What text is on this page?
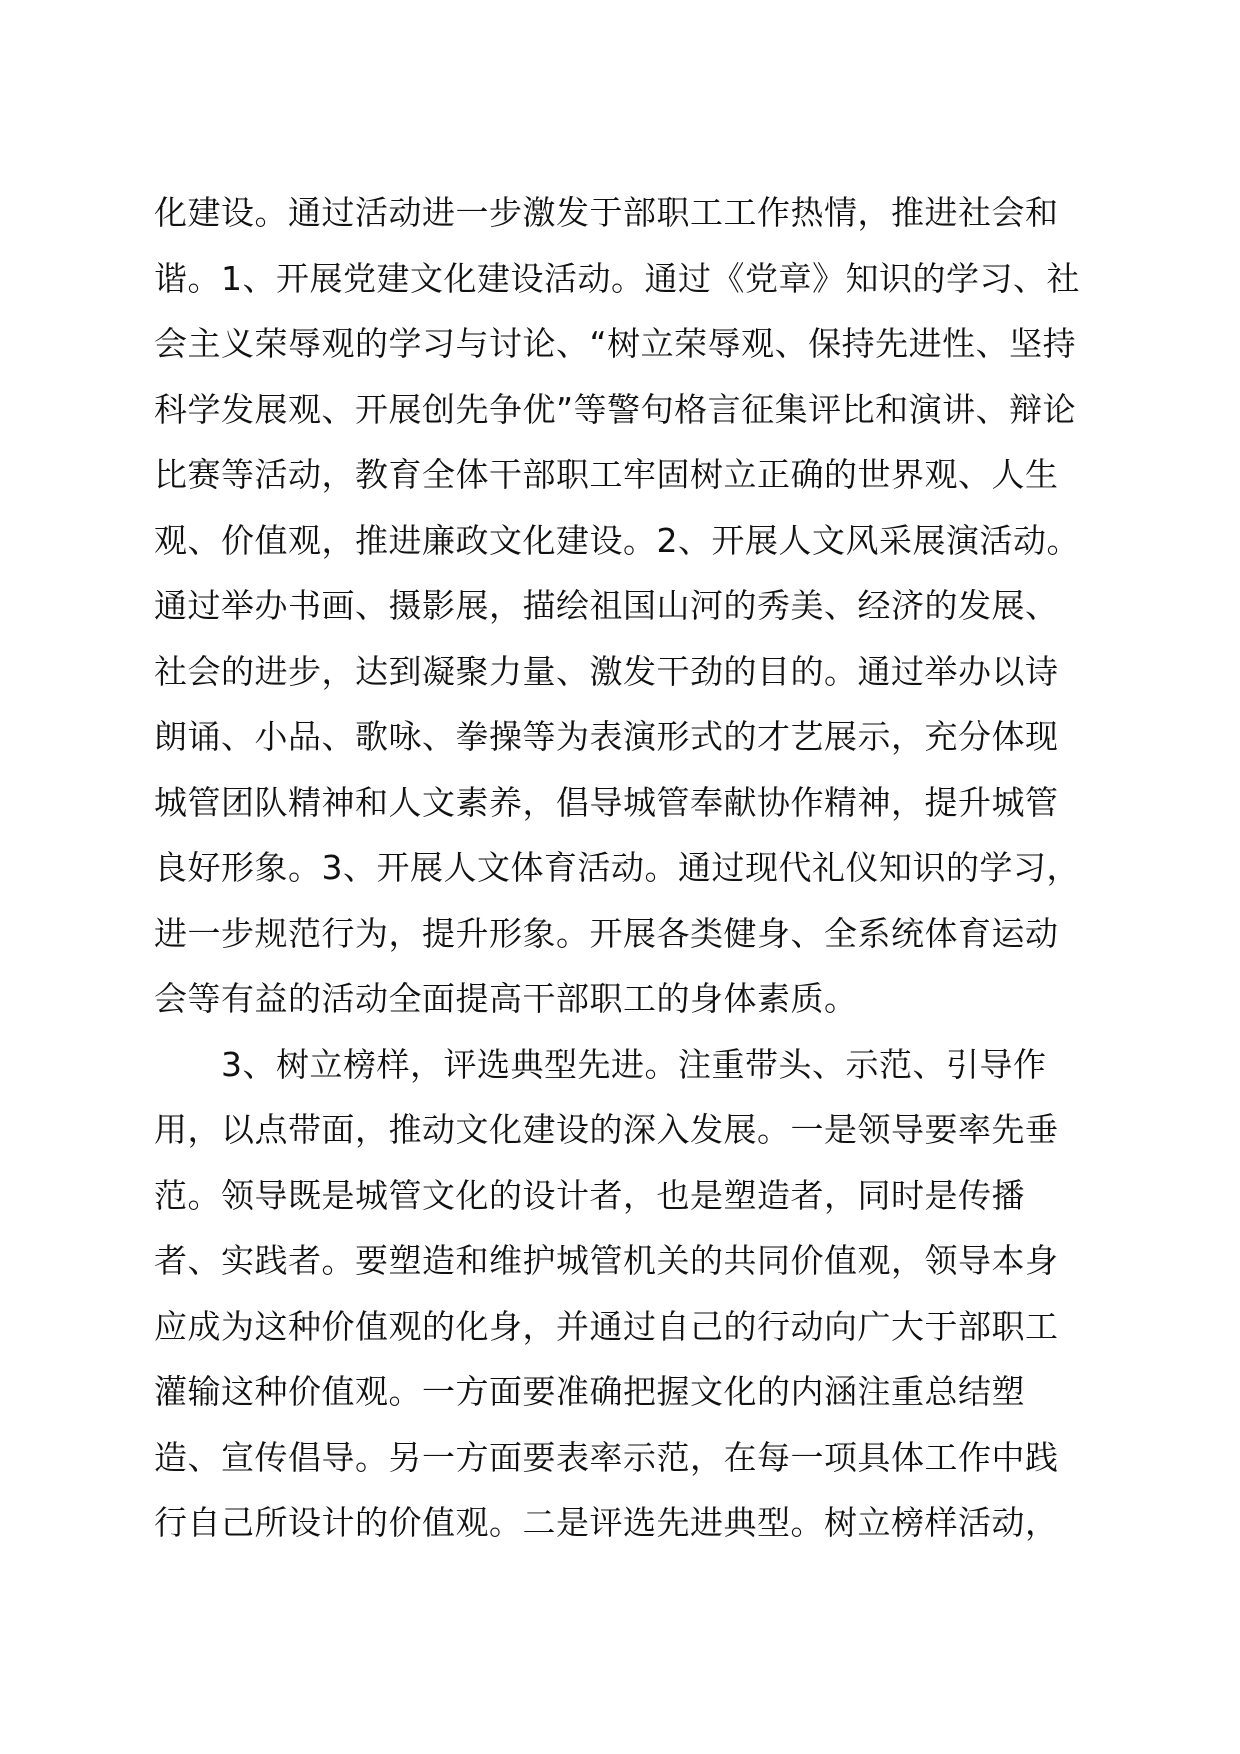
化建设。通过活动进一步激发于部职工工作热情，推进社会和
谐。1、开展党建文化建设活动。通过《党章》知识的学习、社
会主义荣辱观的学习与讨论、“树立荣辱观、保持先进性、坚持
科学发展观、开展创先争优”等警句格言征集评比和演讲、辩论
比赛等活动，教育全体干部职工牢固树立正确的世界观、人生
观、价值观，推进廉政文化建设。2、开展人文风采展演活动。
通过举办书画、摄影展，描绘祖国山河的秀美、经济的发展、
社会的进步，达到凝聚力量、激发干劲的目的。通过举办以诗
朗诵、小品、歌咏、拳操等为表演形式的才艺展示，充分体现
城管团队精神和人文素养，倡导城管奉献协作精神，提升城管
良好形象。3、开展人文体育活动。通过现代礼仪知识的学习，
进一步规范行为，提升形象。开展各类健身、全系统体育运动
会等有益的活动全面提高干部职工的身体素质。
　　3、树立榜样，评选典型先进。注重带头、示范、引导作
用，以点带面，推动文化建设的深入发展。一是领导要率先垂
范。领导既是城管文化的设计者，也是塑造者，同时是传播
者、实践者。要塑造和维护城管机关的共同价值观，领导本身
应成为这种价值观的化身，并通过自己的行动向广大于部职工
灌输这种价值观。一方面要准确把握文化的内涵注重总结塑
造、宣传倡导。另一方面要表率示范，在每一项具体工作中践
行自己所设计的价值观。二是评选先进典型。树立榜样活动，
